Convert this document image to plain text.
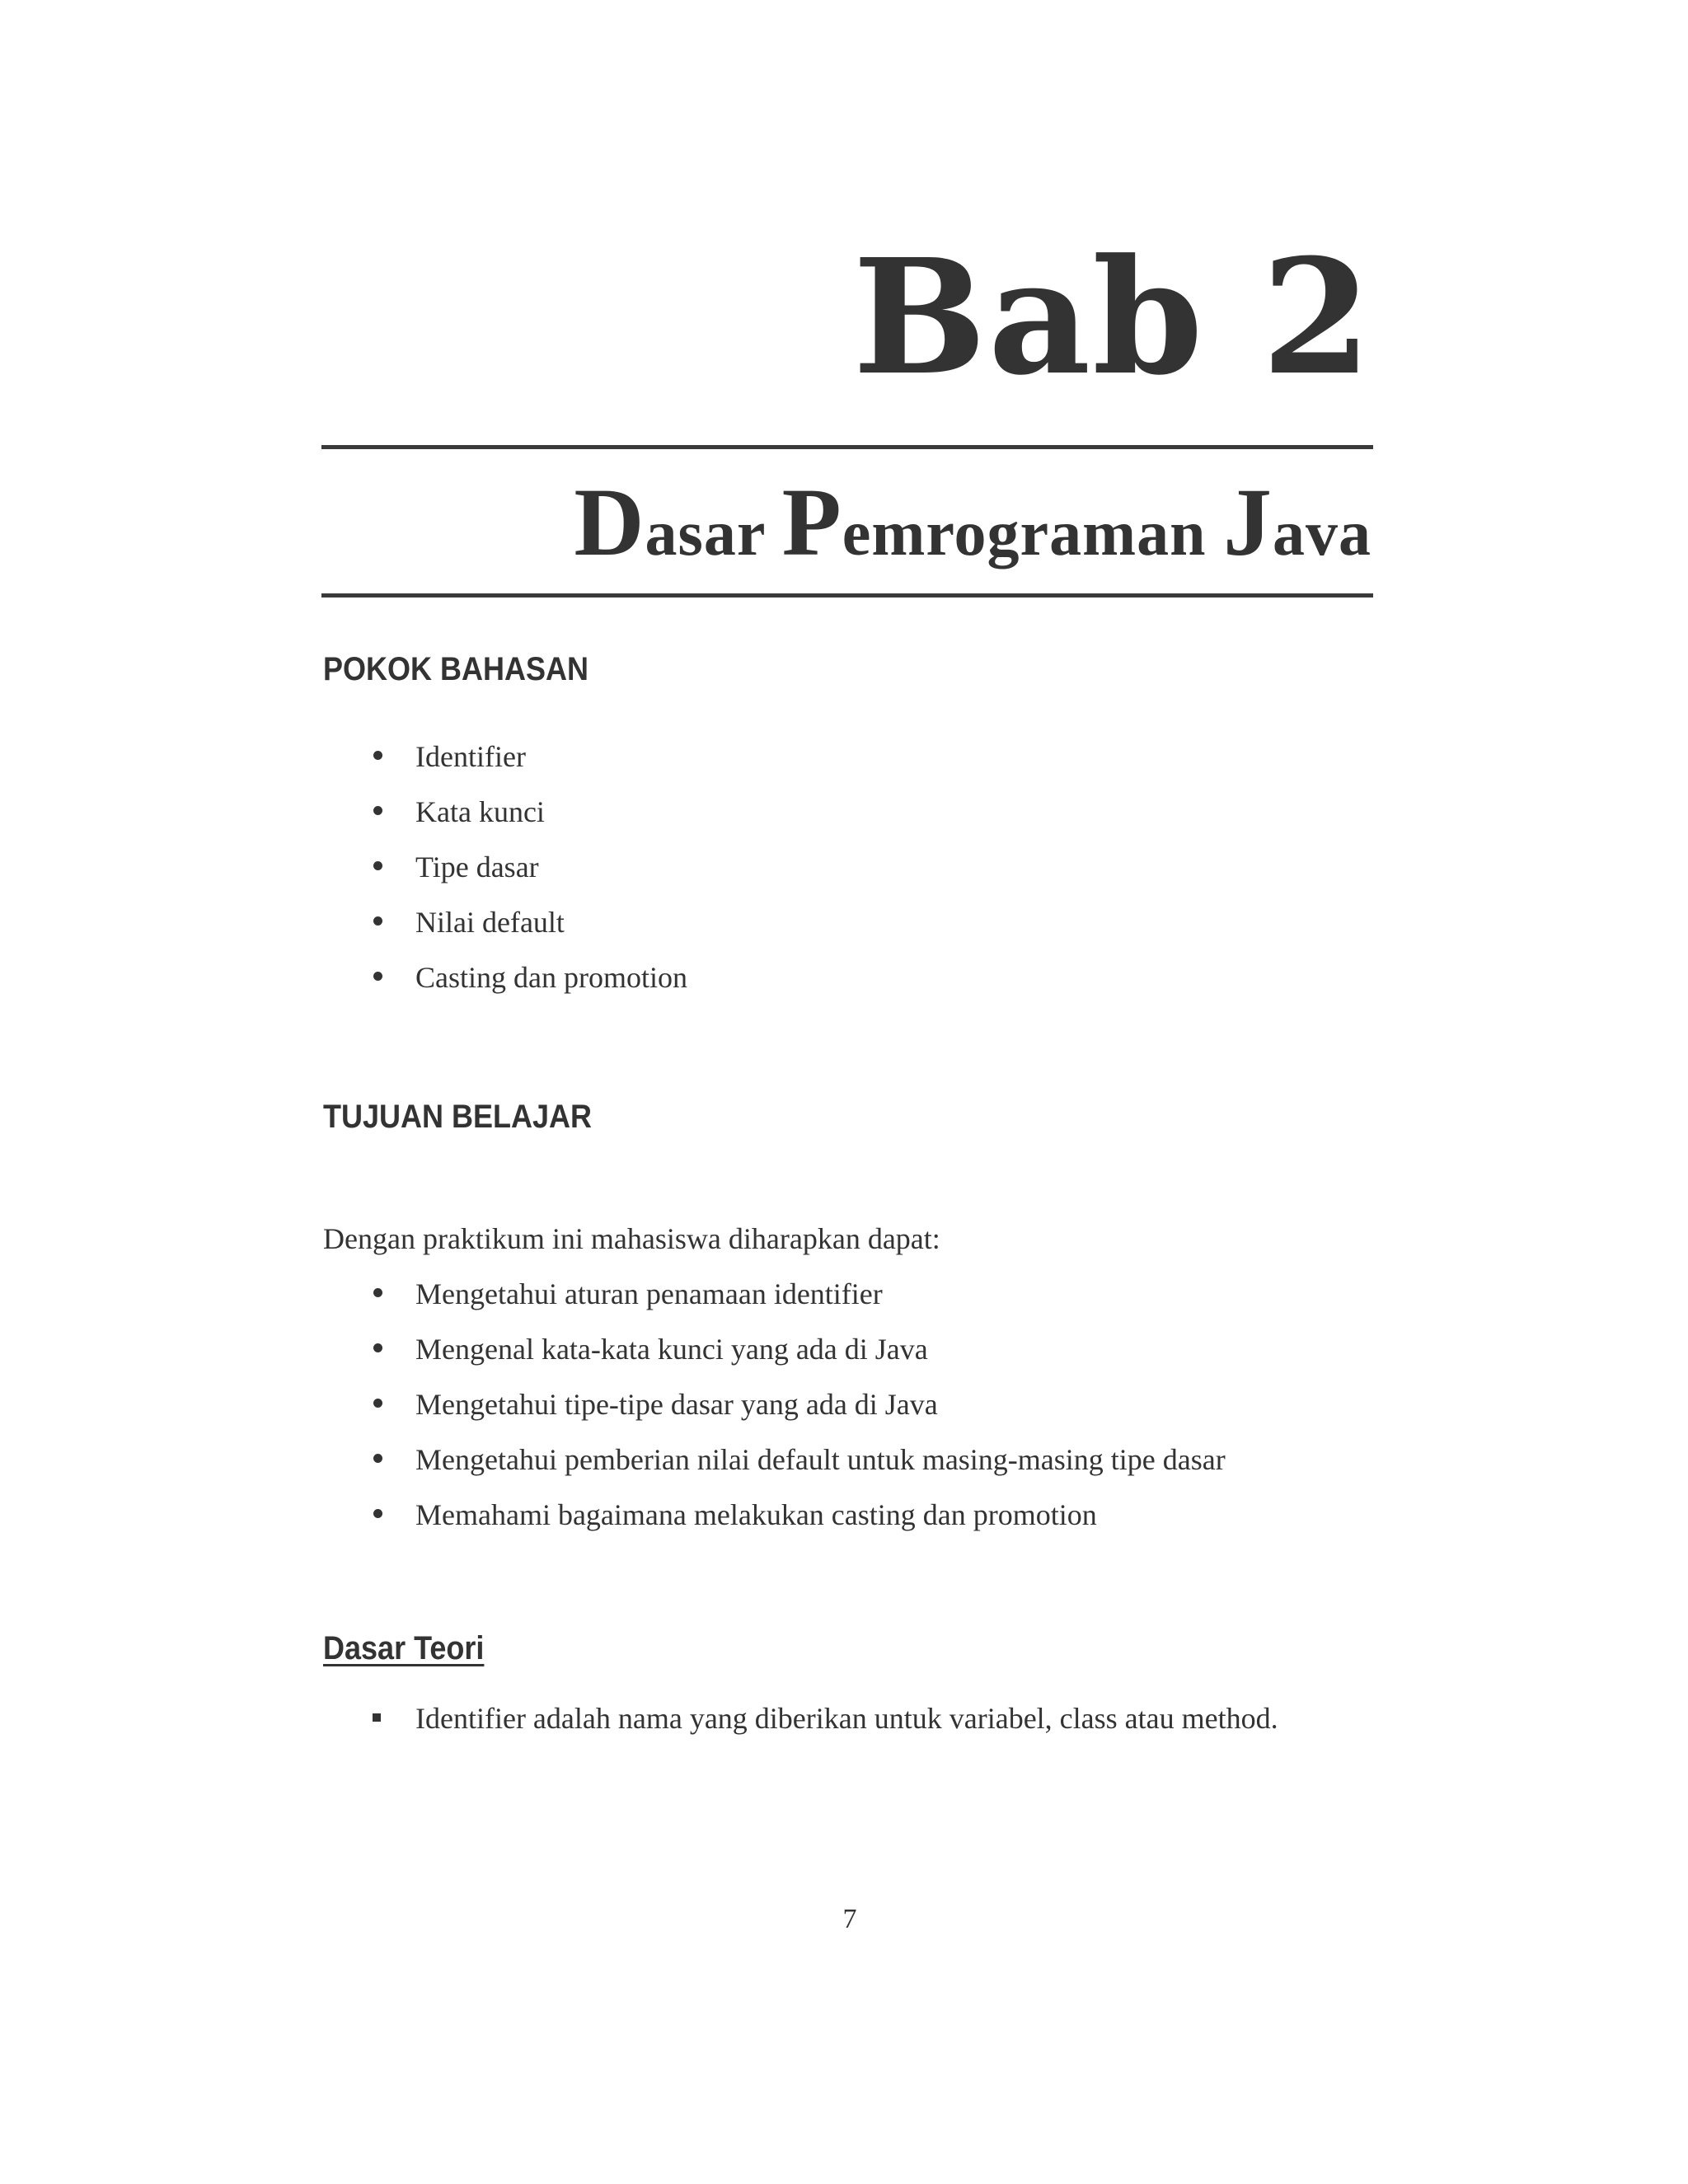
Bab 2
Dasar Pemrograman Java
POKOK BAHASAN
Identifier
Kata kunci
Tipe dasar
Nilai default
Casting dan promotion
TUJUAN BELAJAR
Dengan praktikum ini mahasiswa diharapkan dapat:
Mengetahui aturan penamaan identifier
Mengenal kata-kata kunci yang ada di Java
Mengetahui tipe-tipe dasar yang ada di Java
Mengetahui pemberian nilai default untuk masing-masing tipe dasar
Memahami bagaimana melakukan casting dan promotion
Dasar Teori
Identifier adalah nama yang diberikan untuk variabel, class atau method.
7
